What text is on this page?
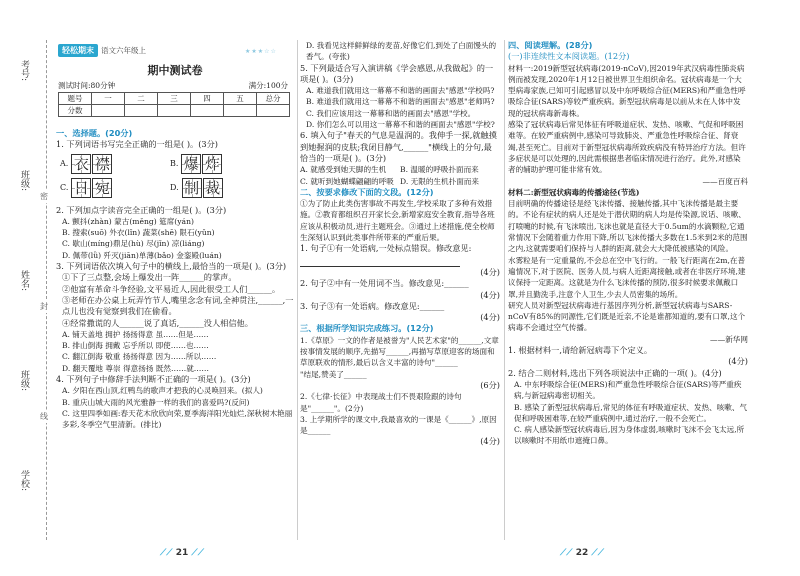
考号:
班级:
姓名:
班级:
学校:
密
封
线
轻松期末 语文六年级上	★★★☆☆
期中测试卷
测试时间:80分钟	满分:100分
题号	一	二	三	四	五	总分
分数						

一、选择题。(20分)

1. 下列词语书写完全正确的一组是( )。(3分)

A. 衣 襟	B. 爆 炸
C. 日 宛	D. 制 裁

2. 下列加点字读音完全正确的一组是( )。(3分)

A. 颤抖(zhàn) 蒙古(měng) 筵席(yán)

B. 搜索(suō) 外衣(lǐn) 蔬菜(shē) 限石(yǔn)

C. 歇山(míng)鼎足(hù) 尽(jǐn) 凉(liáng)

D. 佩带(lǜ) 歼灭(jiān)单薄(bǎo) 金銮殿(luán)

3. 下列词语依次填入句子中的横线上,最恰当的一项是( )。(3分)

①下了三点整,会场上爆发出一阵______的掌声。

②他富有革命斗争经验,文平易近人,因此很受工人们______。

③老师在办公桌上玩弄竹节人,嘴里念念有词,全神贯注,______,一点儿也没有觉察到我们在偷看。

④经常撒谎的人______说了真话,______没人相信他。

A. 铺天盖地 拥护 扬扬得意 虽……但是……

B. 排山倒海 拥戴 忘乎所以 即使……也……

C. 翻江倒海 敬重 扬扬得意 因为……所以……

D. 翻天覆地 尊崇 得意扬扬 既然……就……

4. 下列句子中修辞手法判断不正确的一项是( )。(3分)

A. 夕阳在西山顶,红鸭鸟的歌声才把我的心灵唤回来。(拟人)

B. 重庆山城大雨的风光雅静一样的我们的喜爱吗?(反问)

C. 这里四季如画:春天花木欣欣向荣,夏季海洋阳光灿烂,深秋树木艳丽多彩,冬季空气里清新。(排比)

D. 我看见这样鲜鲜绿的麦苗,好像它们,到处了白面馒头的香气。(夸张)

5. 下列最适合写入演讲稿《学会感恩,从我做起》的一项是( )。(3分)

A. 难道我们就用这一幕幕不和谐的画面去"感恩"学校吗?

B. 难道我们就用这一幕幕不和谐的画面去"感恩"老师吗?

C. 我们应该用这一幕幕和谐的画面去"感恩"学校。

D. 你们怎么可以用这一幕幕不和谐的画面去"感恩"学校?

6. 填入句子"春天的气息是温润的。我伸手一探,就触摸到她握润的皮肤;我闭目静气,______"横线上的分句,最恰当的一项是( )。(3分)

A. 就感受到她天脚的生机	B. 温暖的呼吸扑面而来
C. 就听到她蝴蝶翩翩的呼吸 D. 无限的生机扑面而来

二、按要求修改下面的文段。(12分)

①为了防止此类伤害事故不再发生,学校采取了多种有效措施。②教育都组织召开家长会,新增家庭安全教育,指导各班应该从积极动员,进行主题班会。③通过上述措施,使全校师生深刻认识到此类事件所带来的严重后果。

1. 句子①有一处语病,一处标点错误。修改意见:

(4分)

2. 句子②中有一处用词不当。修改意见:______

(4分)

3. 句子③有一处语病。修改意见:______

(4分)

三、根据所学知识完成练习。(12分)

1.《草原》一文的作者是被誉为"人民艺术家"的______,文章按事情发展的顺序,先描写______,再描写草原迎客的场面和草原联欢的情形,最后以含义丰富的诗句"______

"结尾,赞美了______

(6分)

2.《七律·长征》中表现战士们不畏艰险跟的诗句是"______"。(2分)

3. 上学期所学的课文中,我最喜欢的一课是《______》,原因是______

(4分)

四、阅读理解。(28分)

(一)非连续性文本阅读题。(12分)

材料一:2019新型冠状病毒(2019-nCoV),因2019年武汉病毒性肺炎病例而被发现,2020年1月12日被世界卫生组织命名。冠状病毒是一个大型病毒家族,已知可引起感冒以及中东呼吸综合征(MERS)和严重急性呼吸综合征(SARS)等较严重疾病。新型冠状病毒是以前从未在人体中发现的冠状病毒新毒株。

感染了冠状病毒后常见体征有呼吸道症状、发热、咳嗽、气促和呼吸困难等。在较严重病例中,感染可导致肺炎、严重急性呼吸综合征、肾衰竭,甚至死亡。目前对于新型冠状病毒所致疾病没有特异治疗方法。但许多症状是可以处理的,因此需根据患者临床情况进行治疗。此外,对感染者的辅助护理可能非常有效。

——百度百科

材料二:新型冠状病毒的传播途径(节选)

目前明确的传播途径是经飞沫传播、接触传播,其中飞沫传播是最主要的。不论有症状的病人还是处于潜伏期的病人均是传染源,说话、咳嗽、打喷嚏的时候,有飞沫喷出,飞沫也就是直径大于0.5um的水滴颗粒,它通常情况下会随着重力作用下降,所以飞沫传播大多数在1.5米到2米的范围之内,这就需要咱们保持与人群的距离,就会大大降低被感染的风险。

水雾粒是有一定重量的,不会总在空中飞行的。一般飞行距离在2m,在普遍情况下,对于医院、医务人员,与病人近距离接触,或者在非医疗环境,建议保持一定距离。这就是为什么飞沫传播的预防,很多时候要求佩戴口罩,并且勤洗手,注意个人卫生,少去人员密集的场所。

研究人员对新型冠状病毒进行基因序列分析,新型冠状病毒与SARS-nCoV有85%的同源性,它们既是近亲,不论是谁都知道的,要有口罩,这个病毒不会通过空气传播。

——新华网

1. 根据材料一,请给新冠病毒下个定义。

(4分)

2. 结合二则材料,选出下列各项说法中正确的一项( )。(4分)

A. 中东呼吸综合征(MERS)和严重急性呼吸综合征(SARS)等严重疾病,与新冠病毒密切相关。

B. 感染了新型冠状病毒后,常见的体征有呼吸道症状、发热、咳嗽、气促和呼吸困难等,在较严重病例中,通过治疗,一般不会死亡。

C. 病人感染新型冠状病毒后,因为身体虚弱,咳嗽时飞沫不会飞太远,所以咳嗽时不用纸巾遮掩口鼻。

⟋⟋ 21 ⟋⟋	⟋⟋ 22 ⟋⟋
